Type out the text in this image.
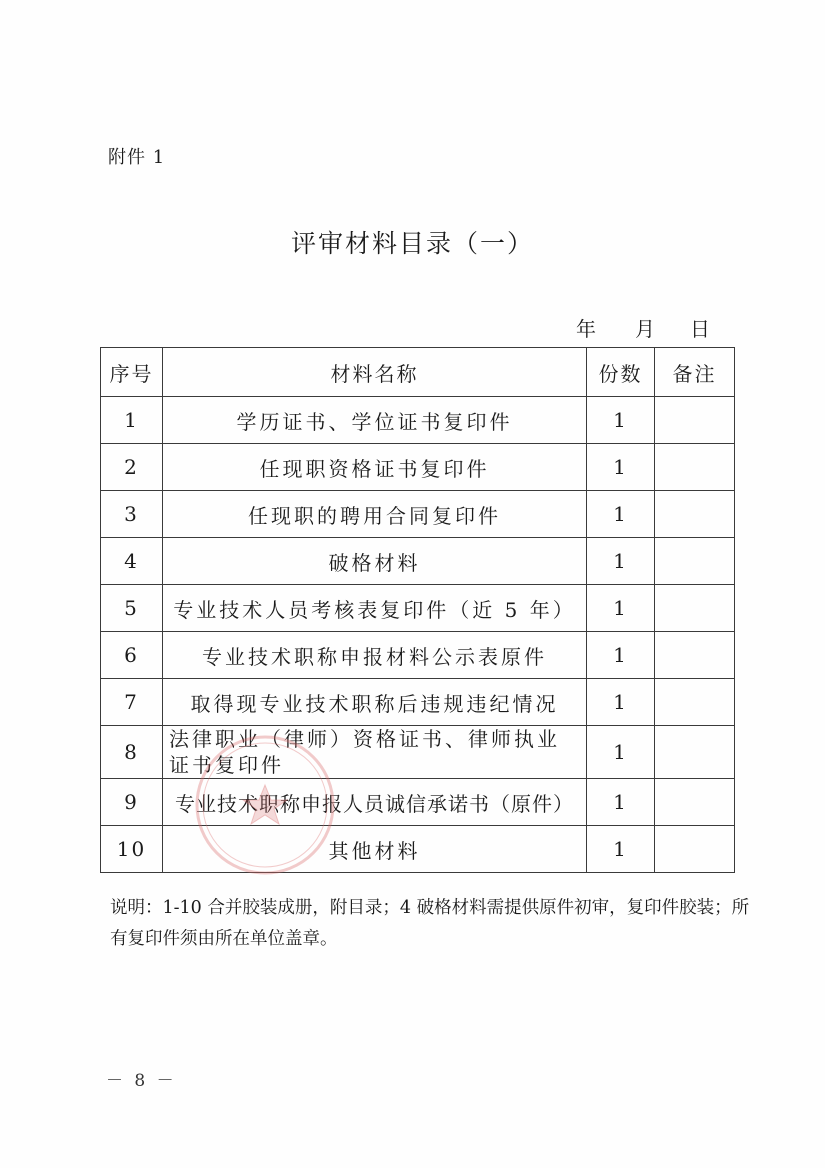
附件 1
评审材料目录（一）
年 月 日
序号	材料名称	份数	备注
1	学历证书、学位证书复印件	1	
2	任现职资格证书复印件	1	
3	任现职的聘用合同复印件	1	
4	破格材料	1	
5	专业技术人员考核表复印件（近 5 年）	1	
6	专业技术职称申报材料公示表原件	1	
7	取得现专业技术职称后违规违纪情况	1	
8	法律职业（律师）资格证书、律师执业证书复印件	1	
9	专业技术职称申报人员诚信承诺书（原件）	1	
10	其他材料	1	
说明：1-10 合并胶装成册，附目录；4 破格材料需提供原件初审，复印件胶装；所有复印件须由所在单位盖章。
－ 8 －
